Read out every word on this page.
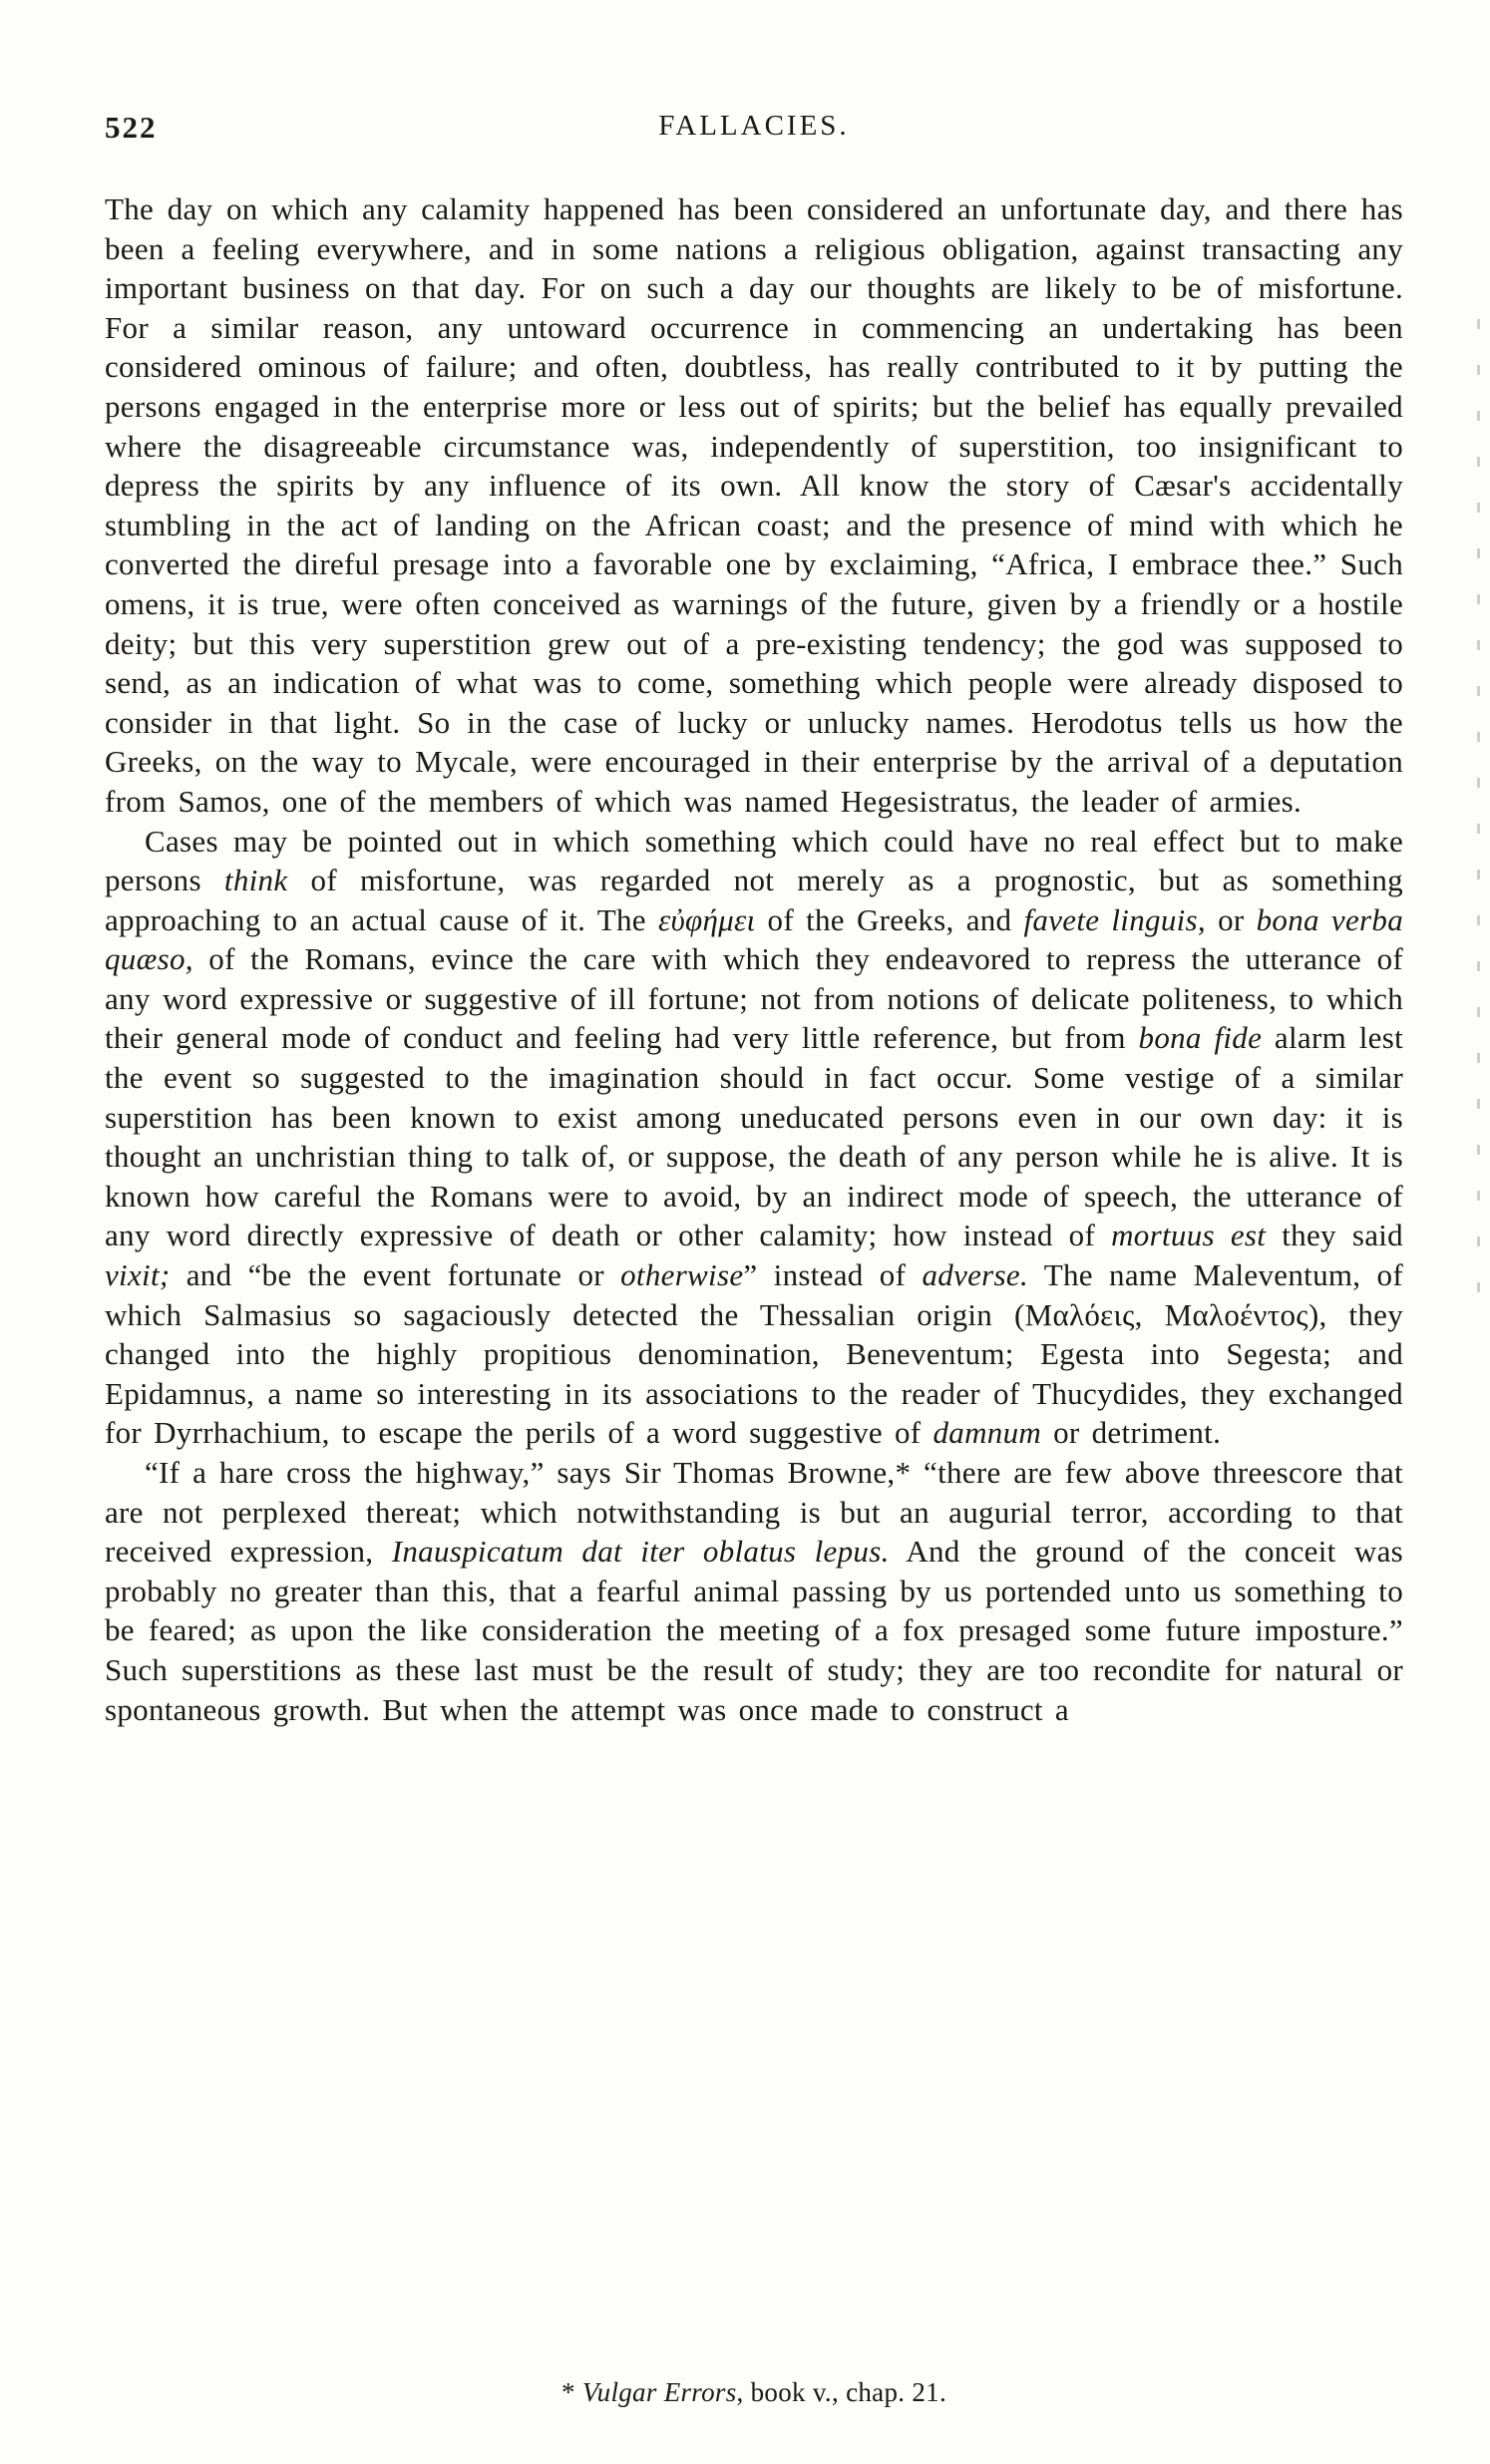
522	FALLACIES.

The day on which any calamity happened has been considered an unfortunate day, and there has been a feeling everywhere, and in some nations a religious obligation, against transacting any important business on that day. For on such a day our thoughts are likely to be of misfortune. For a similar reason, any untoward occurrence in commencing an undertaking has been considered ominous of failure; and often, doubtless, has really contributed to it by putting the persons engaged in the enterprise more or less out of spirits; but the belief has equally prevailed where the disagreeable circumstance was, independently of superstition, too insignificant to depress the spirits by any influence of its own. All know the story of Cæsar's accidentally stumbling in the act of landing on the African coast; and the presence of mind with which he converted the direful presage into a favorable one by exclaiming, “Africa, I embrace thee.” Such omens, it is true, were often conceived as warnings of the future, given by a friendly or a hostile deity; but this very superstition grew out of a pre-existing tendency; the god was supposed to send, as an indication of what was to come, something which people were already disposed to consider in that light. So in the case of lucky or unlucky names. Herodotus tells us how the Greeks, on the way to Mycale, were encouraged in their enterprise by the arrival of a deputation from Samos, one of the members of which was named Hegesistratus, the leader of armies.

Cases may be pointed out in which something which could have no real effect but to make persons think of misfortune, was regarded not merely as a prognostic, but as something approaching to an actual cause of it. The εὐφήμει of the Greeks, and favete linguis, or bona verba quæso, of the Romans, evince the care with which they endeavored to repress the utterance of any word expressive or suggestive of ill fortune; not from notions of delicate politeness, to which their general mode of conduct and feeling had very little reference, but from bona fide alarm lest the event so suggested to the imagination should in fact occur. Some vestige of a similar superstition has been known to exist among uneducated persons even in our own day: it is thought an unchristian thing to talk of, or suppose, the death of any person while he is alive. It is known how careful the Romans were to avoid, by an indirect mode of speech, the utterance of any word directly expressive of death or other calamity; how instead of mortuus est they said vixit; and “be the event fortunate or otherwise” instead of adverse. The name Maleventum, of which Salmasius so sagaciously detected the Thessalian origin (Μαλόεις, Μαλοέντος), they changed into the highly propitious denomination, Beneventum; Egesta into Segesta; and Epidamnus, a name so interesting in its associations to the reader of Thucydides, they exchanged for Dyrrhachium, to escape the perils of a word suggestive of damnum or detriment.

“If a hare cross the highway,” says Sir Thomas Browne,* “there are few above threescore that are not perplexed thereat; which notwithstanding is but an augurial terror, according to that received expression, Inauspicatum dat iter oblatus lepus. And the ground of the conceit was probably no greater than this, that a fearful animal passing by us portended unto us something to be feared; as upon the like consideration the meeting of a fox presaged some future imposture.” Such superstitions as these last must be the result of study; they are too recondite for natural or spontaneous growth. But when the attempt was once made to construct a

* Vulgar Errors, book v., chap. 21.
